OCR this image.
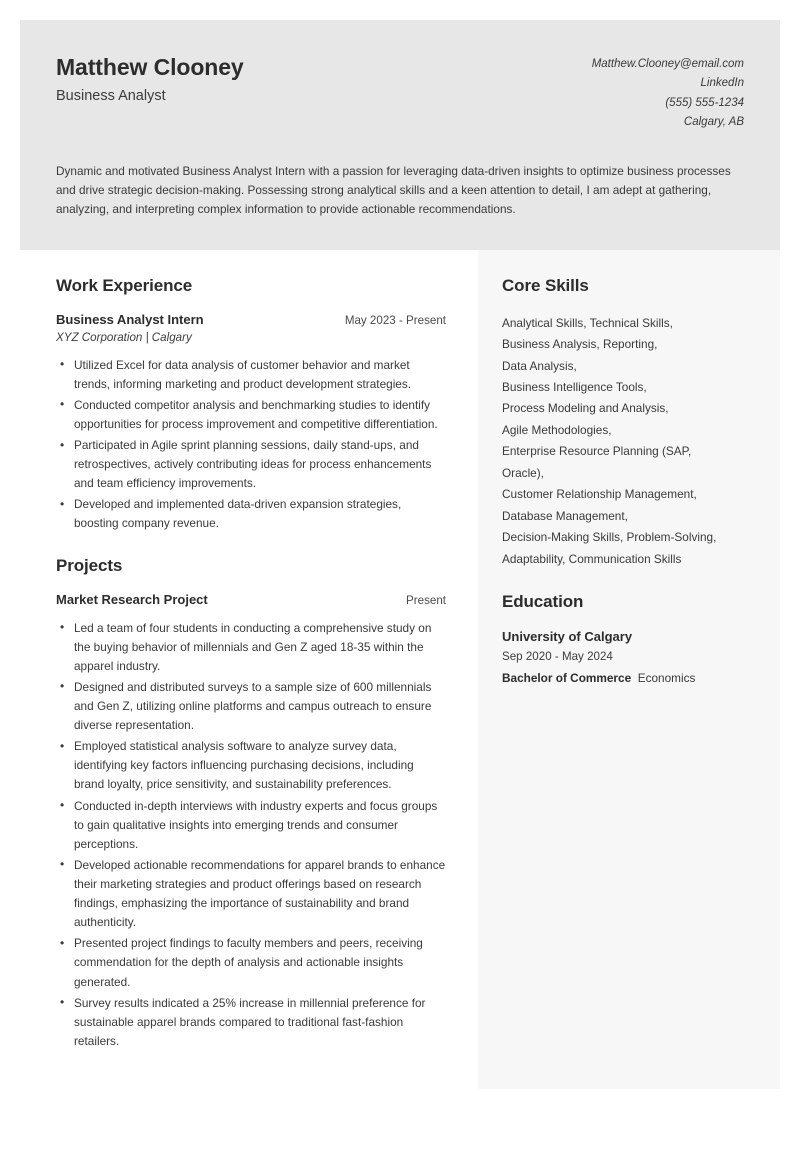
Matthew Clooney
Business Analyst
Matthew.Clooney@email.com
LinkedIn
(555) 555-1234
Calgary, AB
Dynamic and motivated Business Analyst Intern with a passion for leveraging data-driven insights to optimize business processes and drive strategic decision-making. Possessing strong analytical skills and a keen attention to detail, I am adept at gathering, analyzing, and interpreting complex information to provide actionable recommendations.
Work Experience
Business Analyst Intern	May 2023 - Present
XYZ Corporation | Calgary
• Utilized Excel for data analysis of customer behavior and market trends, informing marketing and product development strategies.
• Conducted competitor analysis and benchmarking studies to identify opportunities for process improvement and competitive differentiation.
• Participated in Agile sprint planning sessions, daily stand-ups, and retrospectives, actively contributing ideas for process enhancements and team efficiency improvements.
• Developed and implemented data-driven expansion strategies, boosting company revenue.
Projects
Market Research Project	Present
• Led a team of four students in conducting a comprehensive study on the buying behavior of millennials and Gen Z aged 18-35 within the apparel industry.
• Designed and distributed surveys to a sample size of 600 millennials and Gen Z, utilizing online platforms and campus outreach to ensure diverse representation.
• Employed statistical analysis software to analyze survey data, identifying key factors influencing purchasing decisions, including brand loyalty, price sensitivity, and sustainability preferences.
• Conducted in-depth interviews with industry experts and focus groups to gain qualitative insights into emerging trends and consumer perceptions.
• Developed actionable recommendations for apparel brands to enhance their marketing strategies and product offerings based on research findings, emphasizing the importance of sustainability and brand authenticity.
• Presented project findings to faculty members and peers, receiving commendation for the depth of analysis and actionable insights generated.
• Survey results indicated a 25% increase in millennial preference for sustainable apparel brands compared to traditional fast-fashion retailers.
Core Skills
Analytical Skills, Technical Skills,
Business Analysis, Reporting,
Data Analysis,
Business Intelligence Tools,
Process Modeling and Analysis,
Agile Methodologies,
Enterprise Resource Planning (SAP,
Oracle),
Customer Relationship Management,
Database Management,
Decision-Making Skills, Problem-Solving,
Adaptability, Communication Skills
Education
University of Calgary
Sep 2020 - May 2024
Bachelor of Commerce Economics
